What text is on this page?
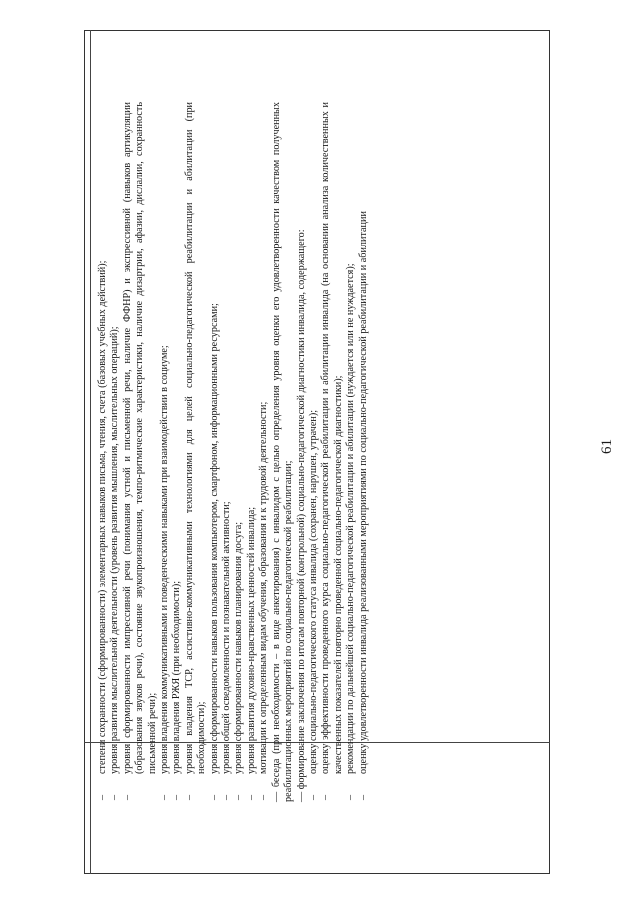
61
–
степени сохранности (сформированности) элементарных навыков письма, чтения, счета (базовых учебных действий);
–
уровня развития мыслительной деятельности (уровень развития мышления, мыслительных операций);
–
уровня сформированности импрессивной речи (понимания устной и письменной речи, наличие ФФНР) и экспрессивной (навыков артикуляции (образования звуков речи), состояние звукопроизношения, темпо-ритмические характеристики, наличие дизартрии, афазии, дислалии, сохранность письменной речи);
–
уровня владения коммуникативными и поведенческими навыками при взаимодействии в социуме;
–
уровня владения РЖЯ (при необходимости);
–
уровня владения ТСР, ассистивно-коммуникативными технологиями для целей социально-педагогической реабилитации и абилитации (при необходимости);
–
уровня сформированности навыков пользования компьютером, смартфоном, информационными ресурсами;
–
уровня общей осведомленности и познавательной активности;
–
уровня сформированности навыков планирования досуга;
–
уровня развития духовно-нравственных ценностей инвалида;
–
мотивации к определенным видам обучения, образования и к трудовой деятельности; — беседа (при необходимости – в виде анкетирования) с инвалидом с целью определения уровня оценки его удовлетворенности качеством полученных реабилитационных мероприятий по социально-педагогической реабилитации; — формирование заключения по итогам повторной (контрольной) социально-педагогической диагностики инвалида, содержащего: –
оценку социально-педагогического статуса инвалида (сохранен, нарушен, утрачен);
–
оценку эффективности проведенного курса социально-педагогической реабилитации и абилитации инвалида (на основании анализа количественных и качественных показателей повторно проведенной социально-педагогической диагностики);
–
рекомендации по дальнейшей социально-педагогической реабилитации и абилитации (нуждается или не нуждается);
–
оценку удовлетворенности инвалида реализованными мероприятиями по социально-педагогической реабилитации и абилитации
